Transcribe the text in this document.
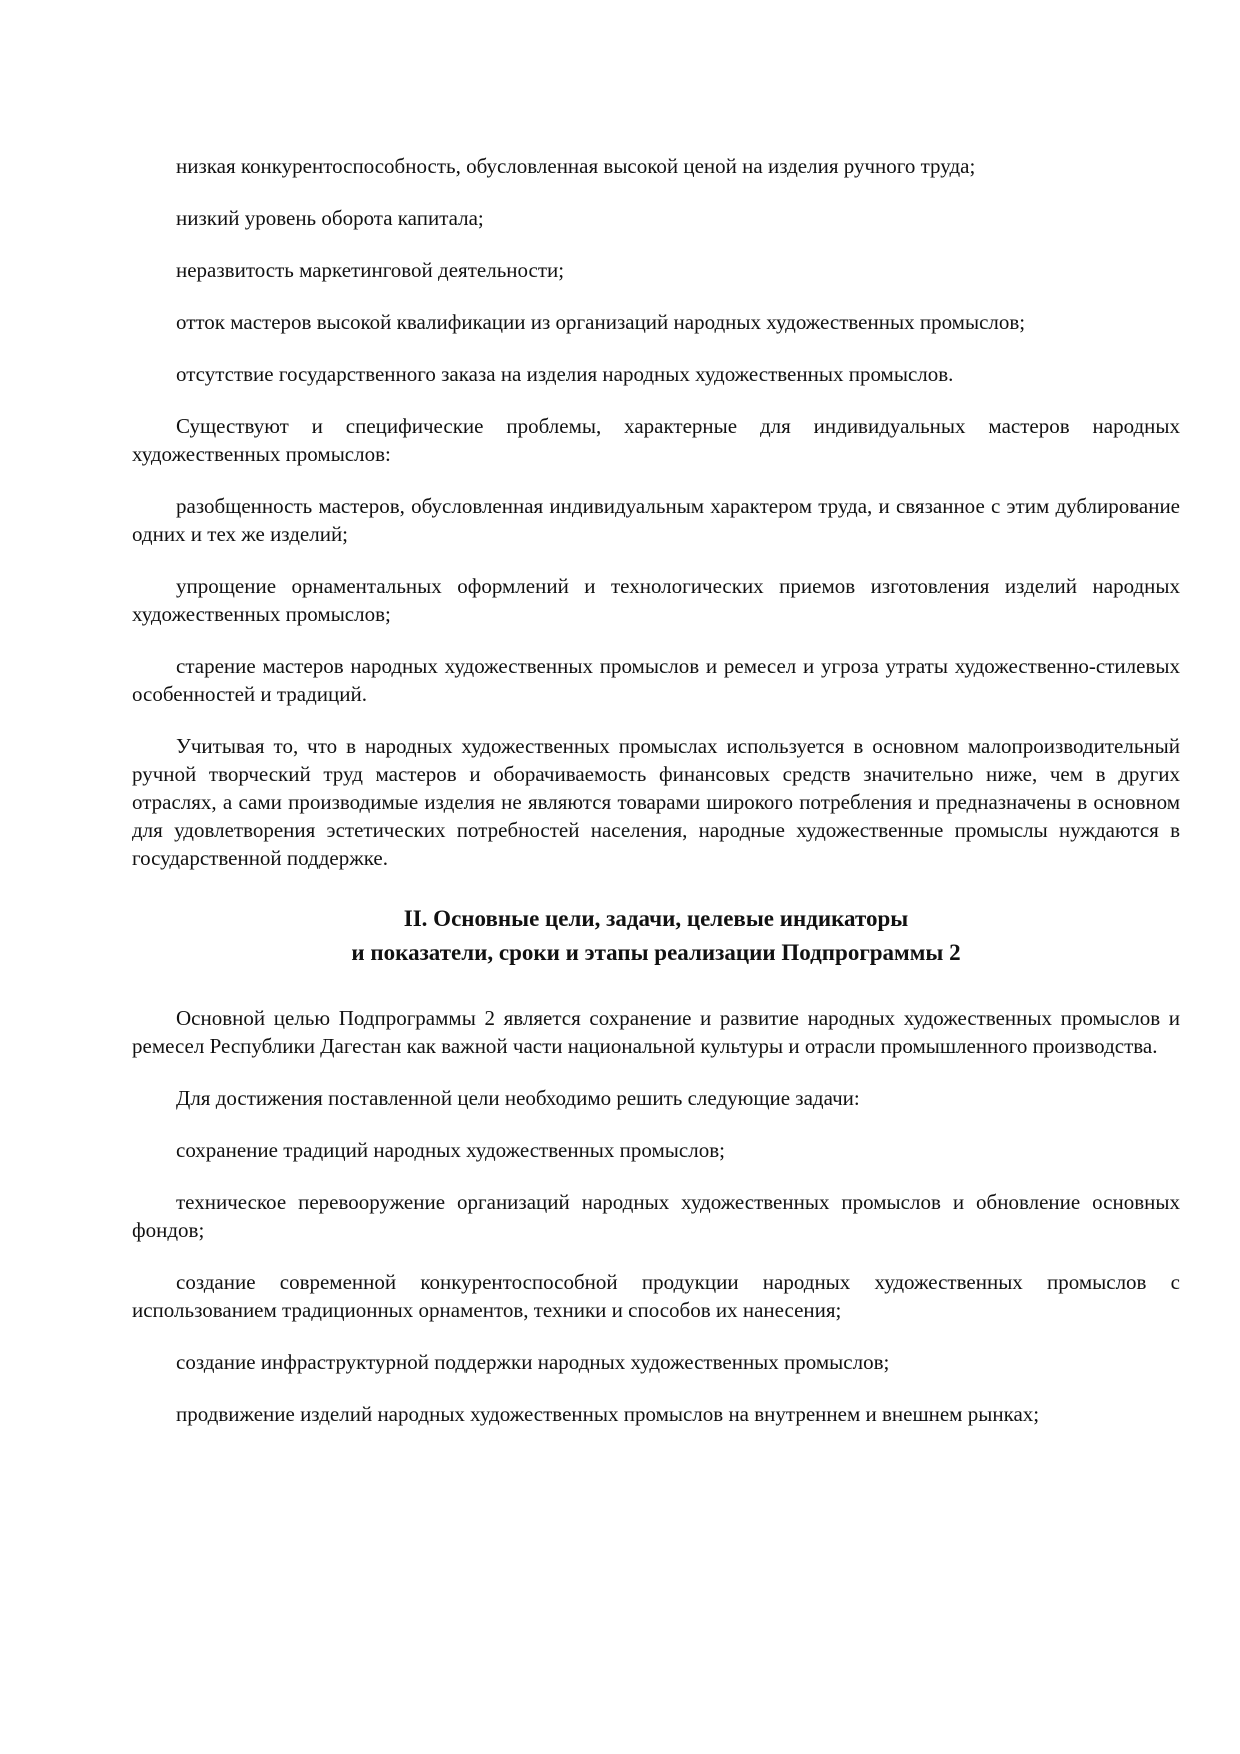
низкая конкурентоспособность, обусловленная высокой ценой на изделия ручного труда;

низкий уровень оборота капитала;

неразвитость маркетинговой деятельности;

отток мастеров высокой квалификации из организаций народных художественных промыслов;

отсутствие государственного заказа на изделия народных художественных промыслов.

Существуют и специфические проблемы, характерные для индивидуальных мастеров народных художественных промыслов:

разобщенность мастеров, обусловленная индивидуальным характером труда, и связанное с этим дублирование одних и тех же изделий;

упрощение орнаментальных оформлений и технологических приемов изготовления изделий народных художественных промыслов;

старение мастеров народных художественных промыслов и ремесел и угроза утраты художественно-стилевых особенностей и традиций.

Учитывая то, что в народных художественных промыслах используется в основном малопроизводительный ручной творческий труд мастеров и оборачиваемость финансовых средств значительно ниже, чем в других отраслях, а сами производимые изделия не являются товарами широкого потребления и предназначены в основном для удовлетворения эстетических потребностей населения, народные художественные промыслы нуждаются в государственной поддержке.

II. Основные цели, задачи, целевые индикаторы
и показатели, сроки и этапы реализации Подпрограммы 2

Основной целью Подпрограммы 2 является сохранение и развитие народных художественных промыслов и ремесел Республики Дагестан как важной части национальной культуры и отрасли промышленного производства.

Для достижения поставленной цели необходимо решить следующие задачи:

сохранение традиций народных художественных промыслов;

техническое перевооружение организаций народных художественных промыслов и обновление основных фондов;

создание современной конкурентоспособной продукции народных художественных промыслов с использованием традиционных орнаментов, техники и способов их нанесения;

создание инфраструктурной поддержки народных художественных промыслов;

продвижение изделий народных художественных промыслов на внутреннем и внешнем рынках;
